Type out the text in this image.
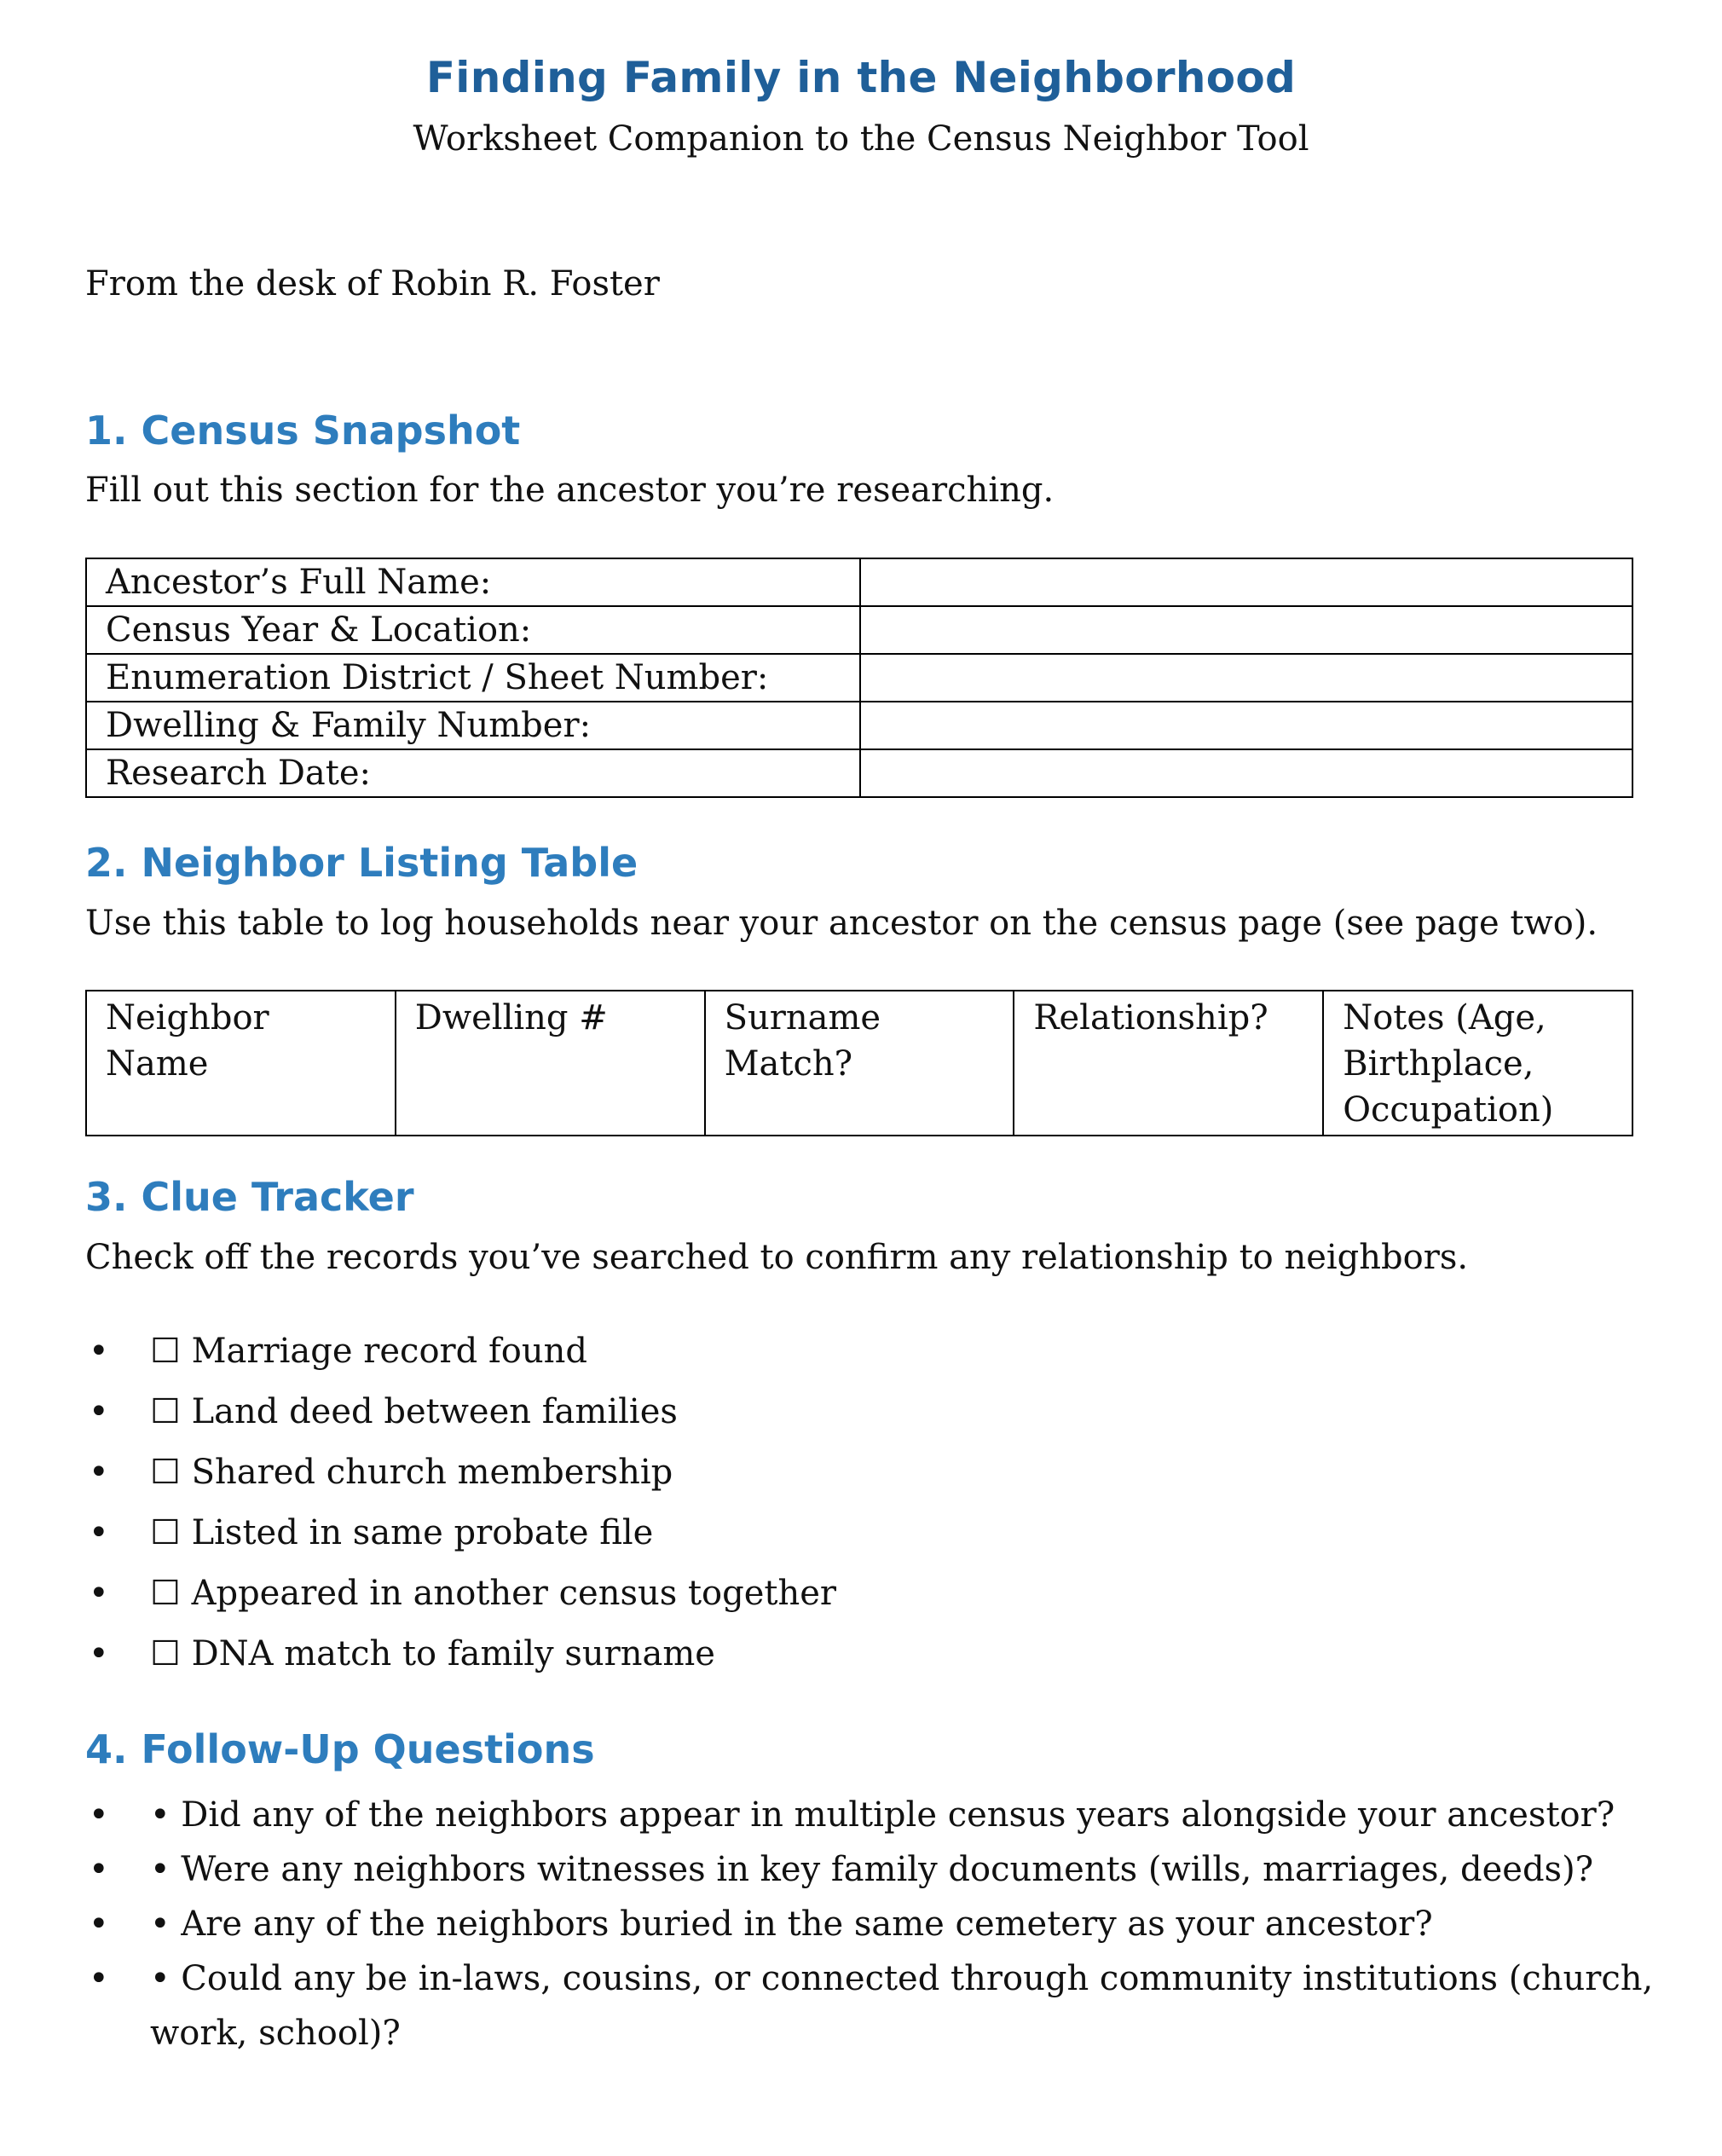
Finding Family in the Neighborhood
Worksheet Companion to the Census Neighbor Tool
From the desk of Robin R. Foster
1. Census Snapshot
Fill out this section for the ancestor you’re researching.
Ancestor’s Full Name:	
Census Year & Location:	
Enumeration District / Sheet Number:	
Dwelling & Family Number:	
Research Date:	
2. Neighbor Listing Table
Use this table to log households near your ancestor on the census page (see page two).
Neighbor Name	Dwelling #	Surname Match?	Relationship?	Notes (Age, Birthplace, Occupation)
3. Clue Tracker
Check off the records you’ve searched to confirm any relationship to neighbors.
• ☐ Marriage record found
• ☐ Land deed between families
• ☐ Shared church membership
• ☐ Listed in same probate file
• ☐ Appeared in another census together
• ☐ DNA match to family surname
4. Follow-Up Questions
• • Did any of the neighbors appear in multiple census years alongside your ancestor?
• • Were any neighbors witnesses in key family documents (wills, marriages, deeds)?
• • Are any of the neighbors buried in the same cemetery as your ancestor?
• • Could any be in-laws, cousins, or connected through community institutions (church, work, school)?
